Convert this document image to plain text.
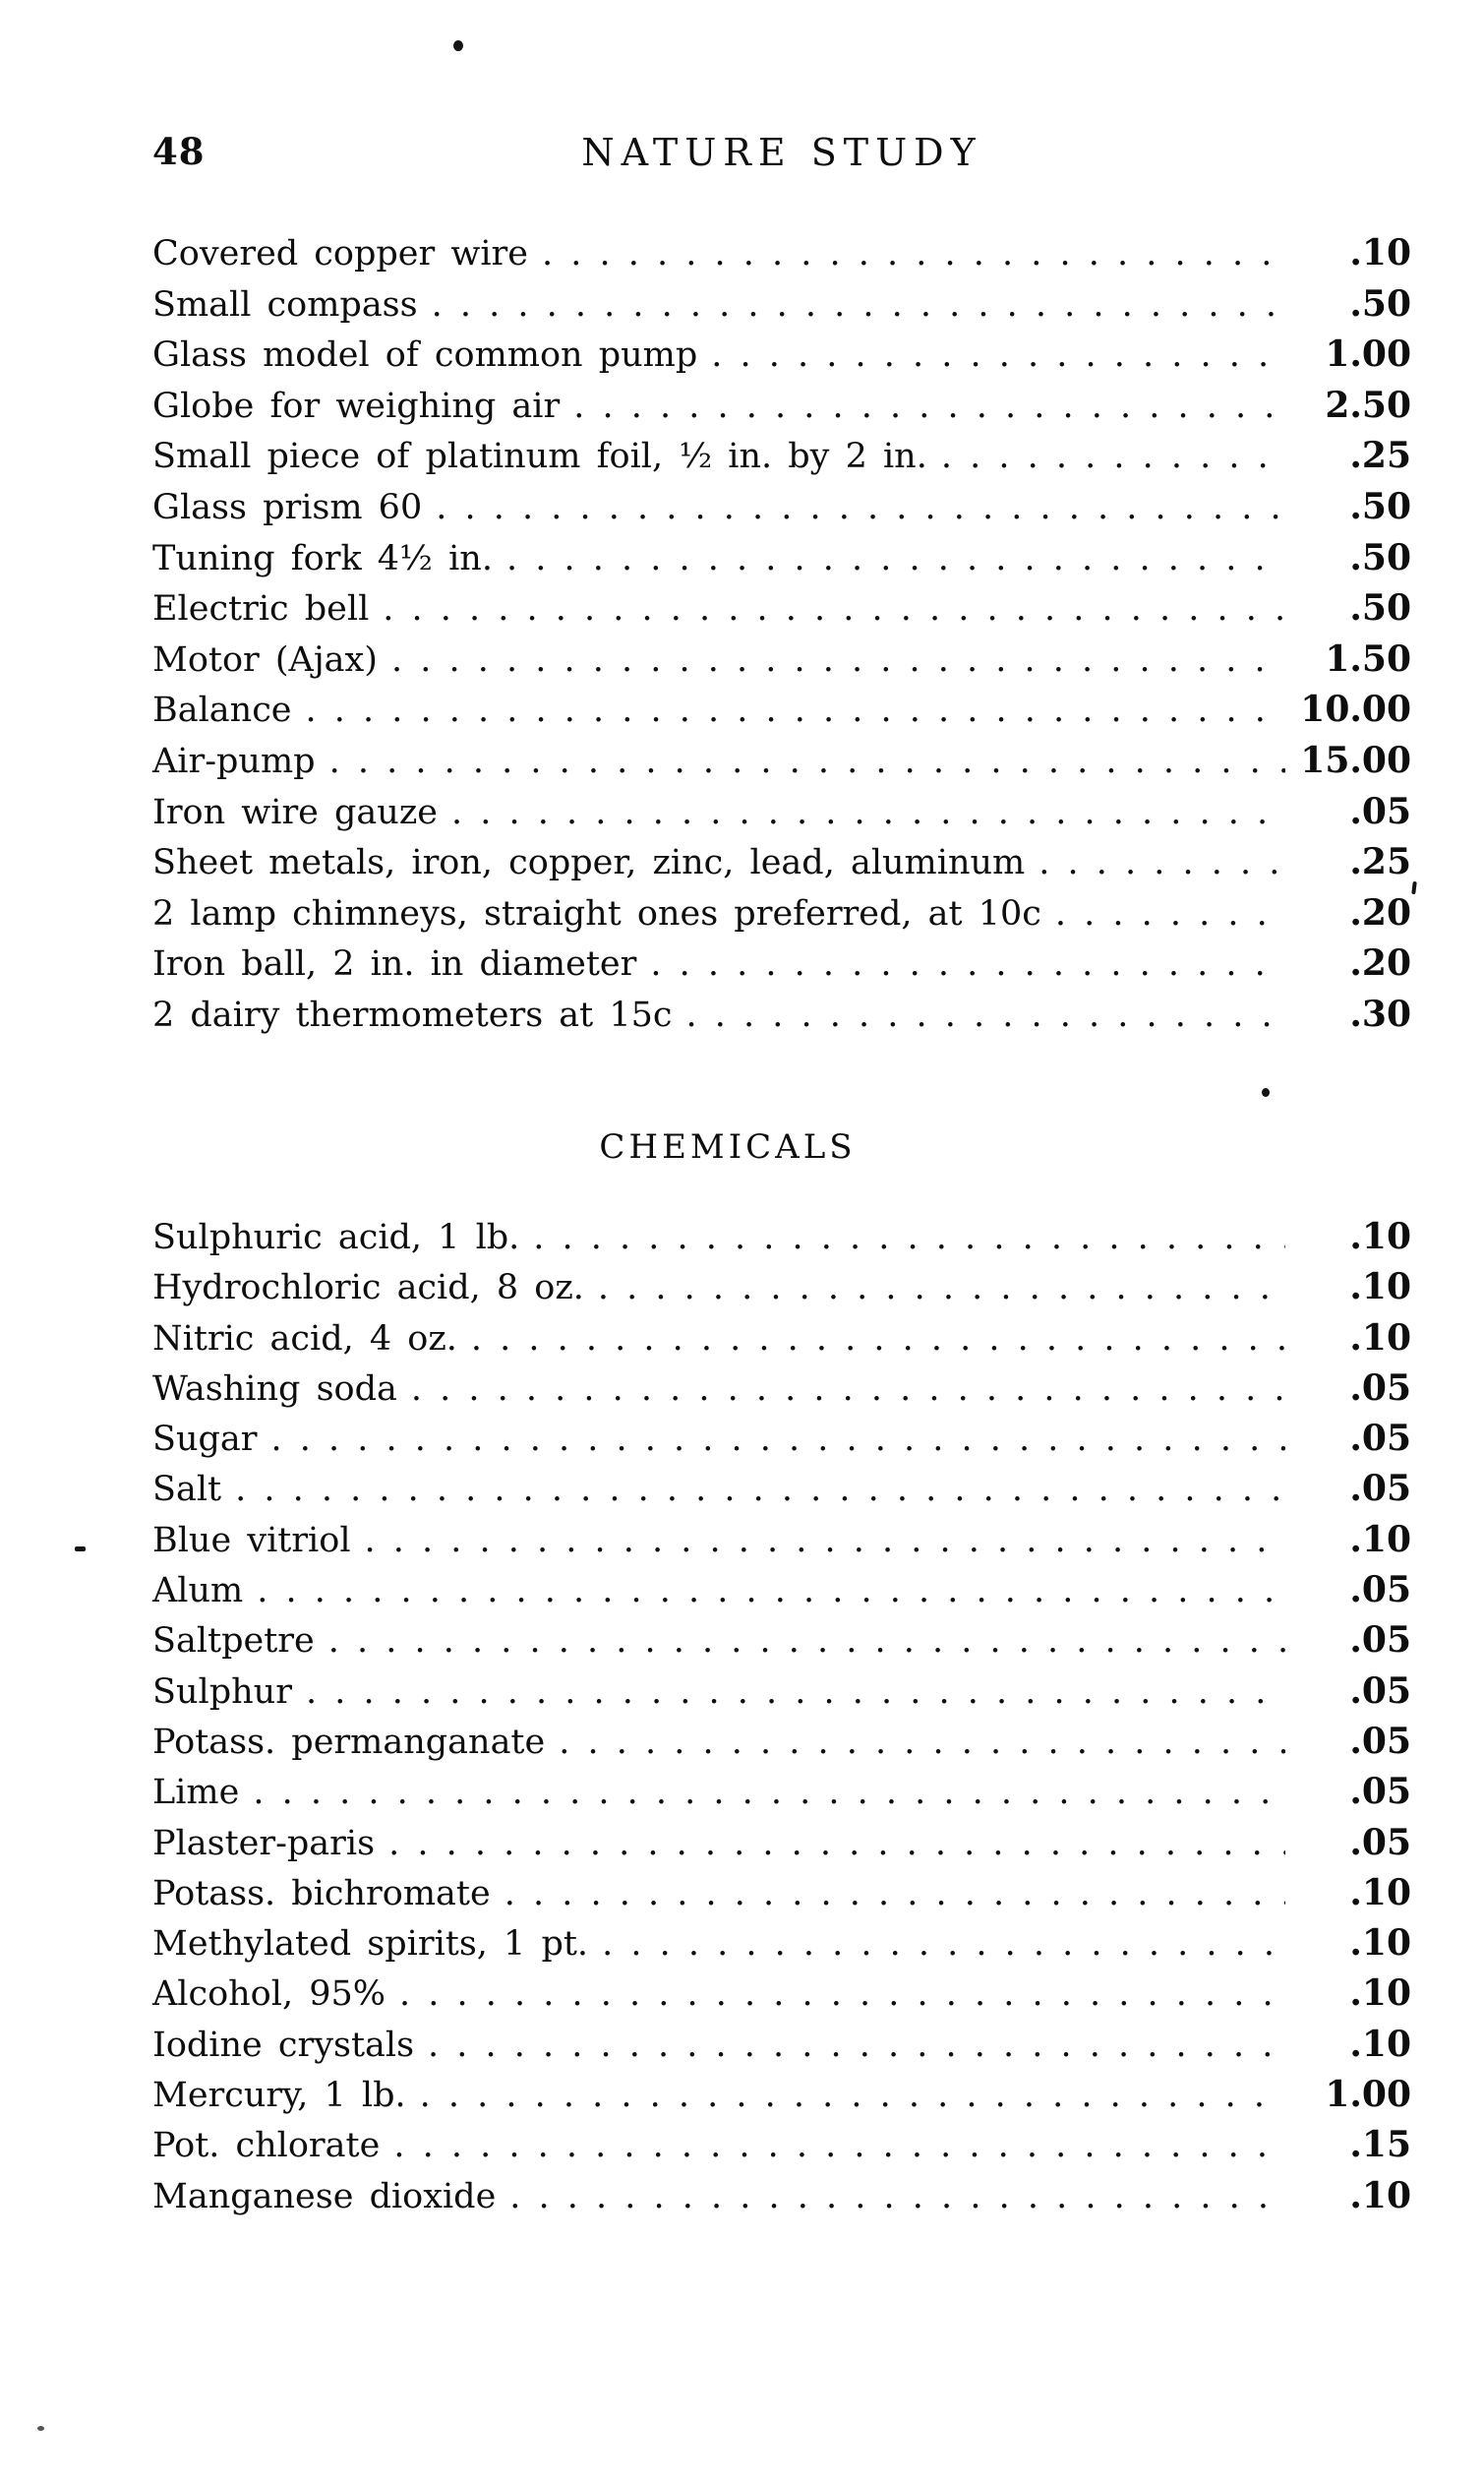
48	NATURE STUDY
Covered copper wire . . .	.10
Small compass . . .	.50
Glass model of common pump . . .	1.00
Globe for weighing air . . .	2.50
Small piece of platinum foil, ½ in. by 2 in. . . .	.25
Glass prism 60 . . .	.50
Tuning fork 4½ in. . . .	.50
Electric bell . . .	.50
Motor (Ajax) . . .	1.50
Balance . . .	10.00
Air-pump . . .	15.00
Iron wire gauze . . .	.05
Sheet metals, iron, copper, zinc, lead, aluminum . . .	.25
2 lamp chimneys, straight ones preferred, at 10c . . .	.20
Iron ball, 2 in. in diameter . . .	.20
2 dairy thermometers at 15c . . .	.30
CHEMICALS
Sulphuric acid, 1 lb. . . .	.10
Hydrochloric acid, 8 oz. . . .	.10
Nitric acid, 4 oz. . . .	.10
Washing soda . . .	.05
Sugar . . .	.05
Salt . . .	.05
Blue vitriol . . .	.10
Alum . . .	.05
Saltpetre . . .	.05
Sulphur . . .	.05
Potass. permanganate . . .	.05
Lime . . .	.05
Plaster-paris . . .	.05
Potass. bichromate . . .	.10
Methylated spirits, 1 pt. . . .	.10
Alcohol, 95% . . .	.10
Iodine crystals . . .	.10
Mercury, 1 lb. . . .	1.00
Pot. chlorate . . .	.15
Manganese dioxide . . .	.10
